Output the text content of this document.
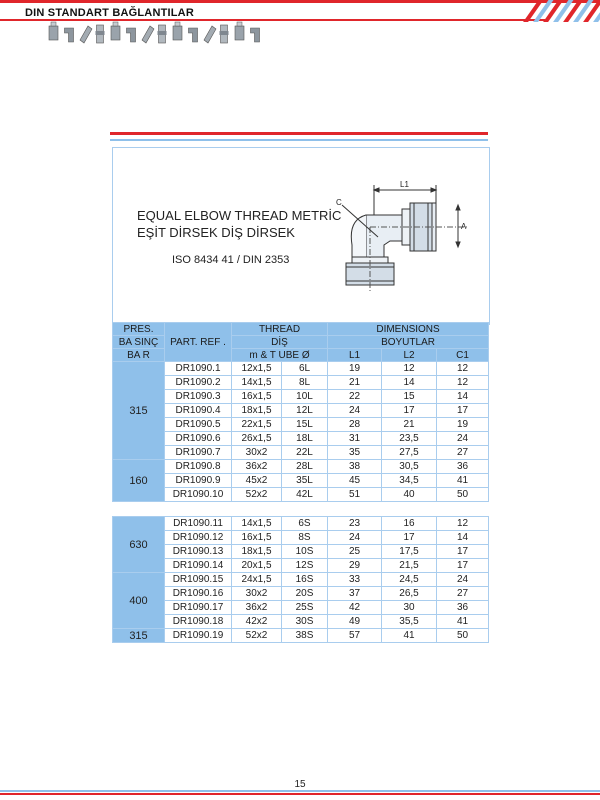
DIN STANDART BAĞLANTILAR
EQUAL ELBOW THREAD METRİC
EŞİT DİRSEK DİŞ DİRSEK
ISO 8434 41 / DIN 2353
L1
C
A
PRES.	PART. REF .	THREAD		DIMENSIONS		
BA SINÇ		DİŞ		BOYUTLAR		
BA R		m & T UBE Ø		L1	L2	C1
315	DR1090.1	12x1,5	6L	19	12	12
	DR1090.2	14x1,5	8L	21	14	12
	DR1090.3	16x1,5	10L	22	15	14
	DR1090.4	18x1,5	12L	24	17	17
	DR1090.5	22x1,5	15L	28	21	19
	DR1090.6	26x1,5	18L	31	23,5	24
	DR1090.7	30x2	22L	35	27,5	27
160	DR1090.8	36x2	28L	38	30,5	36
	DR1090.9	45x2	35L	45	34,5	41
	DR1090.10	52x2	42L	51	40	50
630	DR1090.11	14x1,5	6S	23	16	12
	DR1090.12	16x1,5	8S	24	17	14
	DR1090.13	18x1,5	10S	25	17,5	17
	DR1090.14	20x1,5	12S	29	21,5	17
400	DR1090.15	24x1,5	16S	33	24,5	24
	DR1090.16	30x2	20S	37	26,5	27
	DR1090.17	36x2	25S	42	30	36
	DR1090.18	42x2	30S	49	35,5	41
315	DR1090.19	52x2	38S	57	41	50
15
